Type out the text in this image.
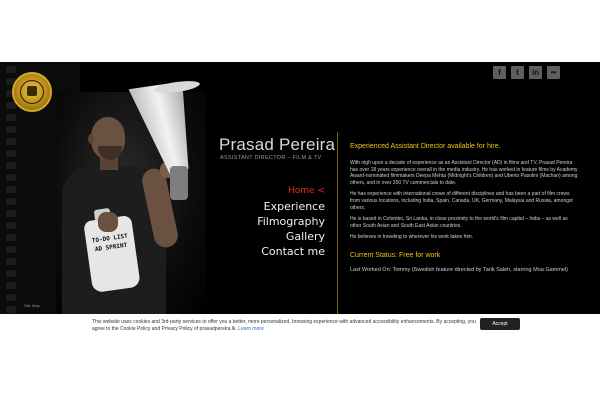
TO-DO LIST
AD SPRINT
Site Map
Prasad Pereira
ASSISTANT DIRECTOR – FILM & TV
Home <
Experience
Filmography
Gallery
Contact me
Experienced Assistant Director available for hire.

With nigh upon a decade of experience as an Assistant Director (AD) in films and TV, Prasad Pereira has over 18 years experience overall in the media industry. He has worked in feature films by Academy Award-nominated filmmakers Deepa Mehta (Midnight's Children) and Uberto Pasolini (Machan) among others, and in over 200 TV commercials to date.

He has experience with international crews of different disciplines and has been a part of film crews from various locations, including India, Spain, Canada, UK, Germany, Malaysia and Russia, amongst others.

He is based in Colombo, Sri Lanka, in close proximity to the world's film capital – India – as well as other South Asian and South East Asian countries.

He believes in traveling to wherever his work takes him.

Current Status: Free for work
Last Worked On: Tommy (Swedish feature directed by Tarik Saleh, starring Moa Gammel)
f	t	in	••
This website uses cookies and 3rd-party services to offer you a better, more personalized, browsing experience with advanced accessibility enhancements. By accepting, you agree to the Cookie Policy and Privacy Policy of prasadpereira.lk. Learn more
Accept
